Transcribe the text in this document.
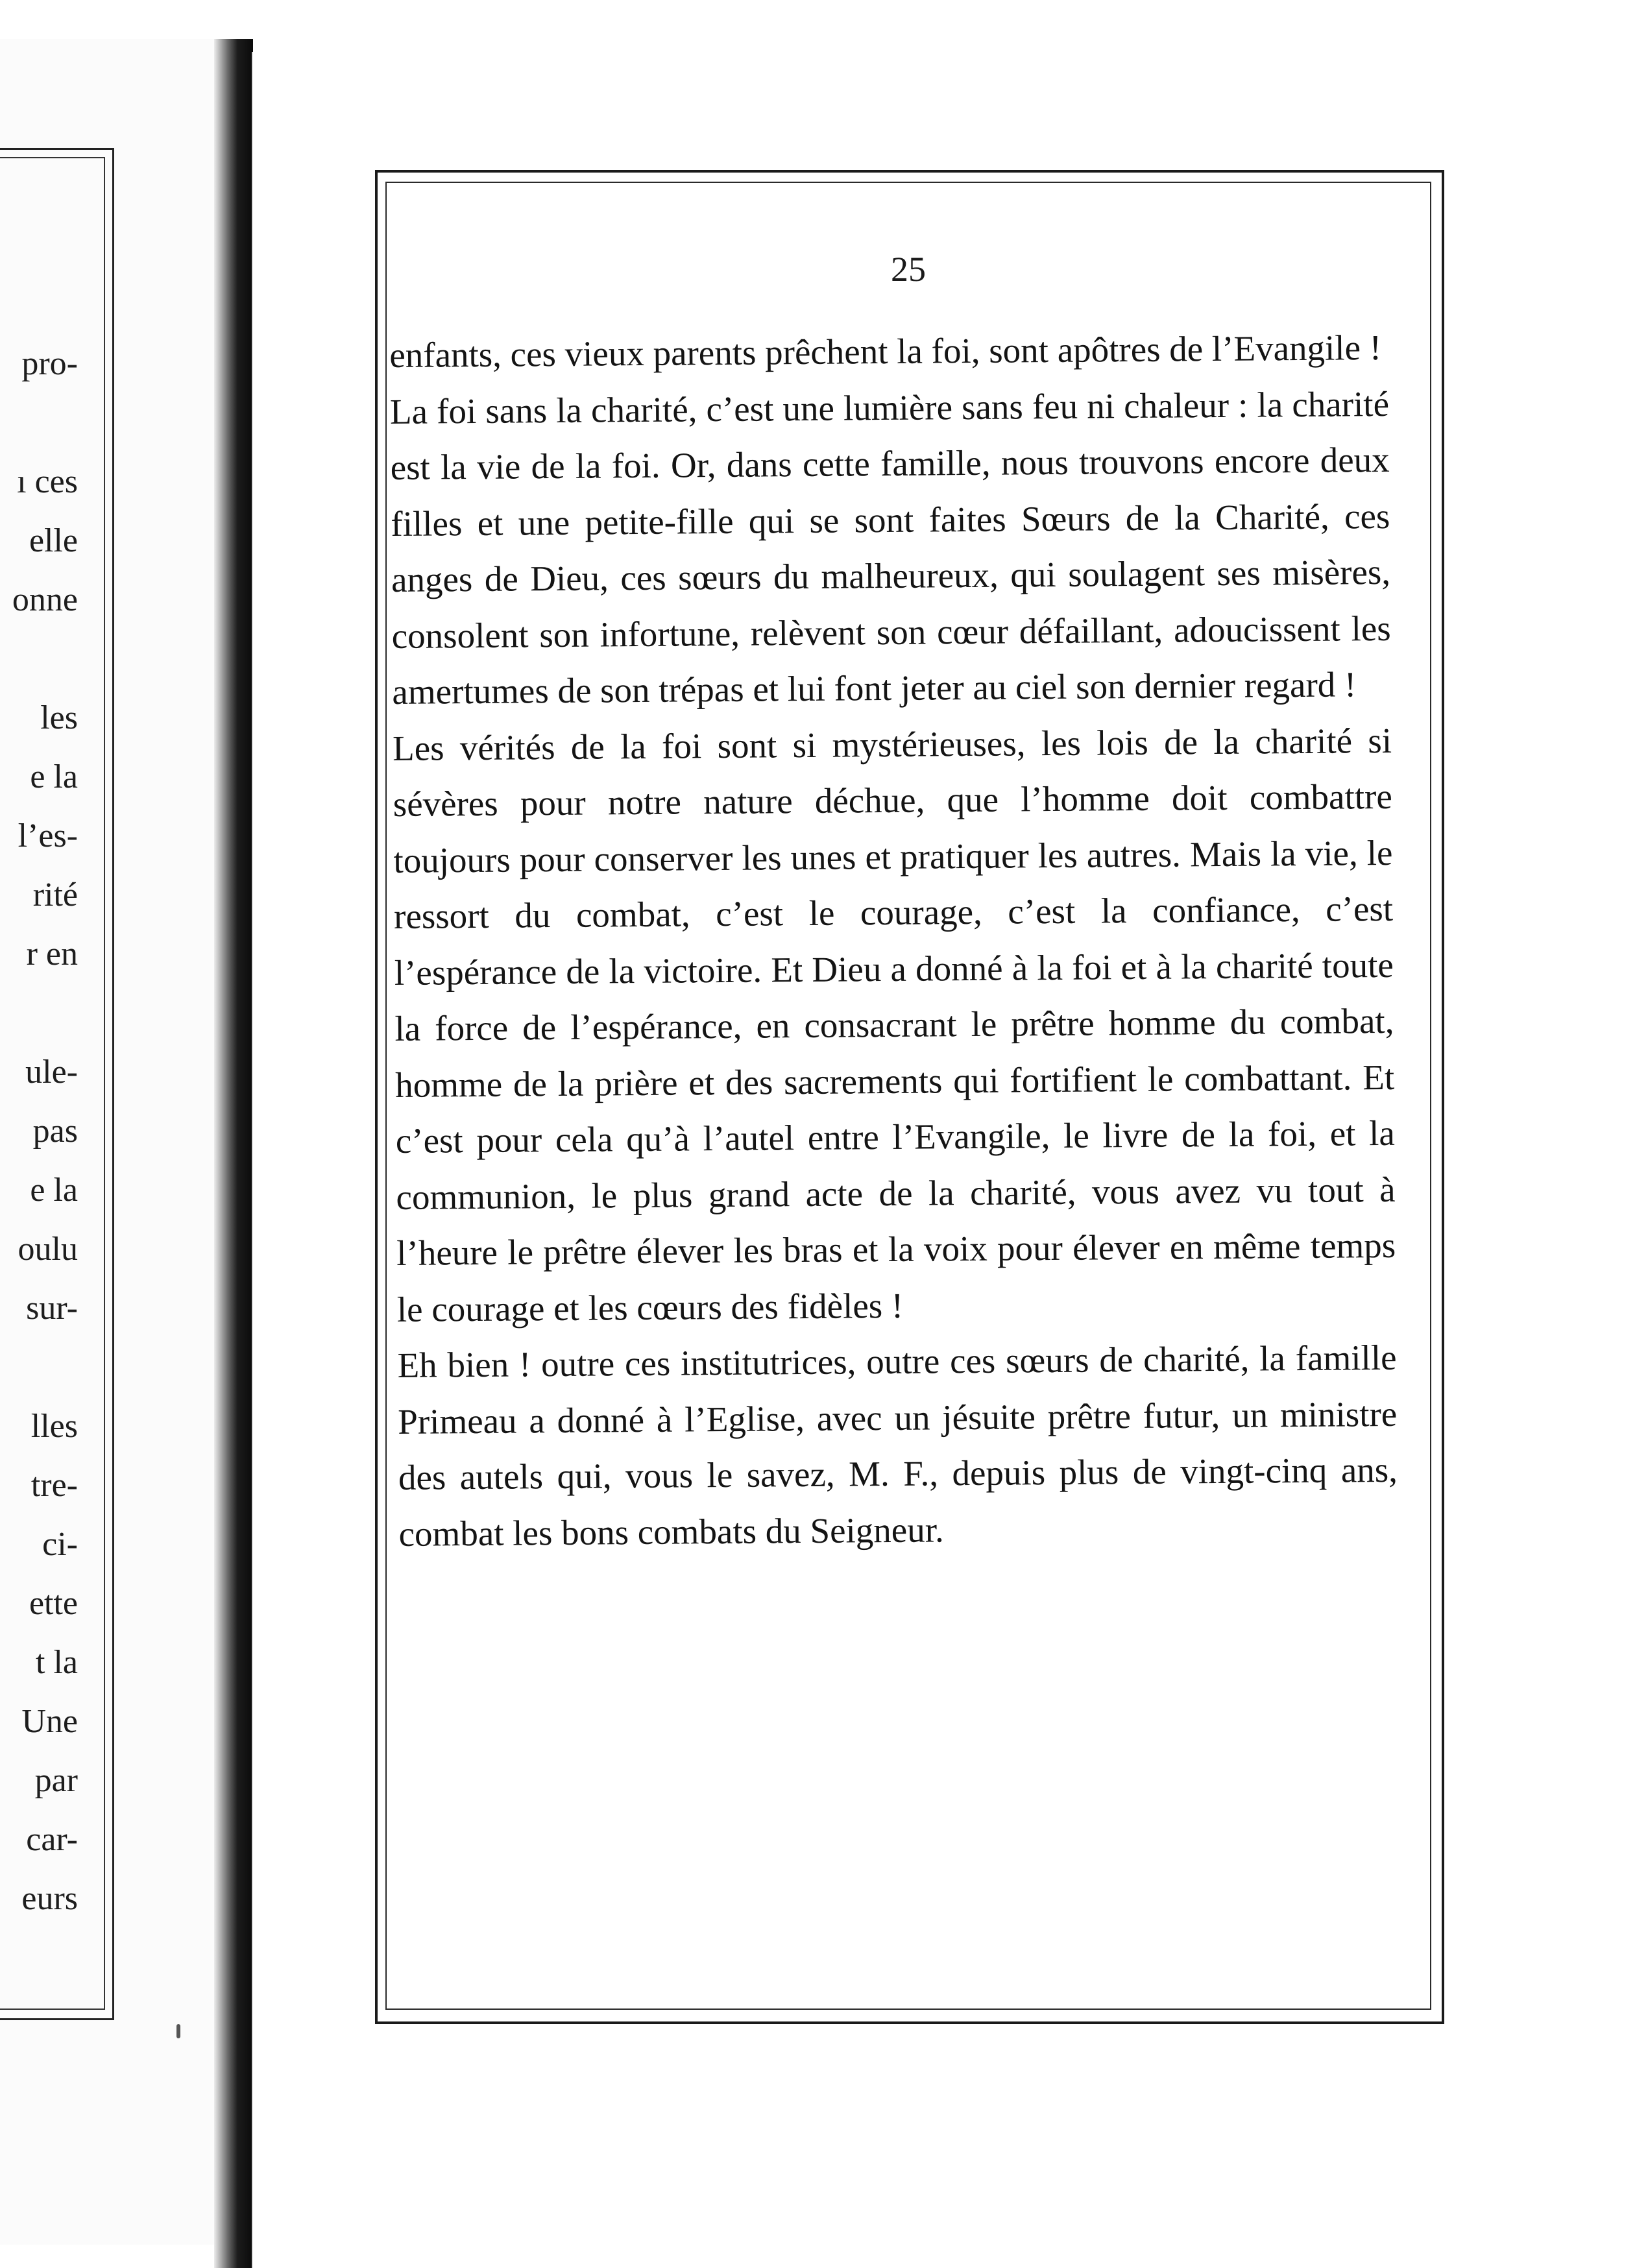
pro-
ı ces
elle
onne
les
e la
l’es-
rité
r en
ule-
pas
e la
oulu
sur-
lles
tre-
ci-
ette
t la
Une
par
car-
eurs
25

enfants, ces vieux parents prêchent la foi, sont apôtres de l’Evangile !

La foi sans la charité, c’est une lumière sans feu ni chaleur : la charité est la vie de la foi. Or, dans cette famille, nous trouvons encore deux filles et une petite-fille qui se sont faites Sœurs de la Charité, ces anges de Dieu, ces sœurs du malheureux, qui soulagent ses misères, consolent son infortune, relèvent son cœur défaillant, adoucissent les amertumes de son trépas et lui font jeter au ciel son dernier regard !

Les vérités de la foi sont si mystérieuses, les lois de la charité si sévères pour notre nature déchue, que l’homme doit combattre toujours pour conserver les unes et pratiquer les autres. Mais la vie, le ressort du combat, c’est le courage, c’est la confiance, c’est l’espérance de la victoire. Et Dieu a donné à la foi et à la charité toute la force de l’espérance, en consacrant le prêtre homme du combat, homme de la prière et des sacrements qui fortifient le combattant. Et c’est pour cela qu’à l’autel entre l’Evangile, le livre de la foi, et la communion, le plus grand acte de la charité, vous avez vu tout à l’heure le prêtre élever les bras et la voix pour élever en même temps le courage et les cœurs des fidèles !

Eh bien ! outre ces institutrices, outre ces sœurs de charité, la famille Primeau a donné à l’Eglise, avec un jésuite prêtre futur, un ministre des autels qui, vous le savez, M. F., depuis plus de vingt-cinq ans, combat les bons combats du Seigneur.
